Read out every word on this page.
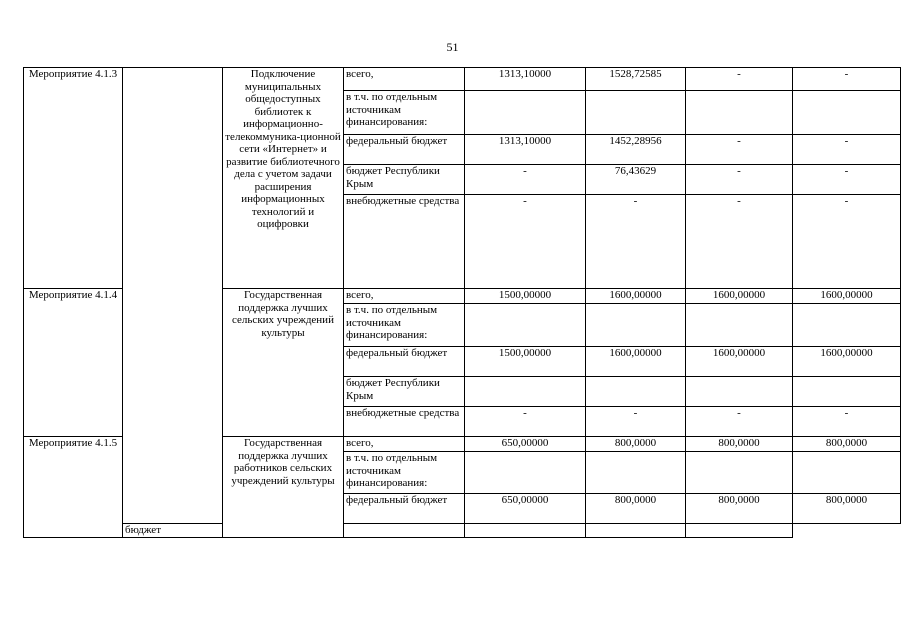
51
Мероприятие 4.1.3		Подключение муниципальных общедоступных библиотек к информационно-телекоммуника-ционной сети «Интернет» и развитие библиотечного дела с учетом задачи расширения информационных технологий и оцифровки	всего,	1313,10000	1528,72585	-	-
			в т.ч. по отдельным источникам финансирования:				
			федеральный бюджет	1313,10000	1452,28956	-	-
			бюджет Республики Крым	-	76,43629	-	-
			внебюджетные средства	-	-	-	-
Мероприятие 4.1.4		Государственная поддержка лучших сельских учреждений культуры	всего,	1500,00000	1600,00000	1600,00000	1600,00000
			в т.ч. по отдельным источникам финансирования:				
			федеральный бюджет	1500,00000	1600,00000	1600,00000	1600,00000
			бюджет Республики Крым				
			внебюджетные средства	-	-	-	-
Мероприятие 4.1.5		Государственная поддержка лучших работников сельских учреждений культуры	всего,	650,00000	800,0000	800,0000	800,0000
			в т.ч. по отдельным источникам финансирования:				
			федеральный бюджет	650,00000	800,0000	800,0000	800,0000
	бюджет						
